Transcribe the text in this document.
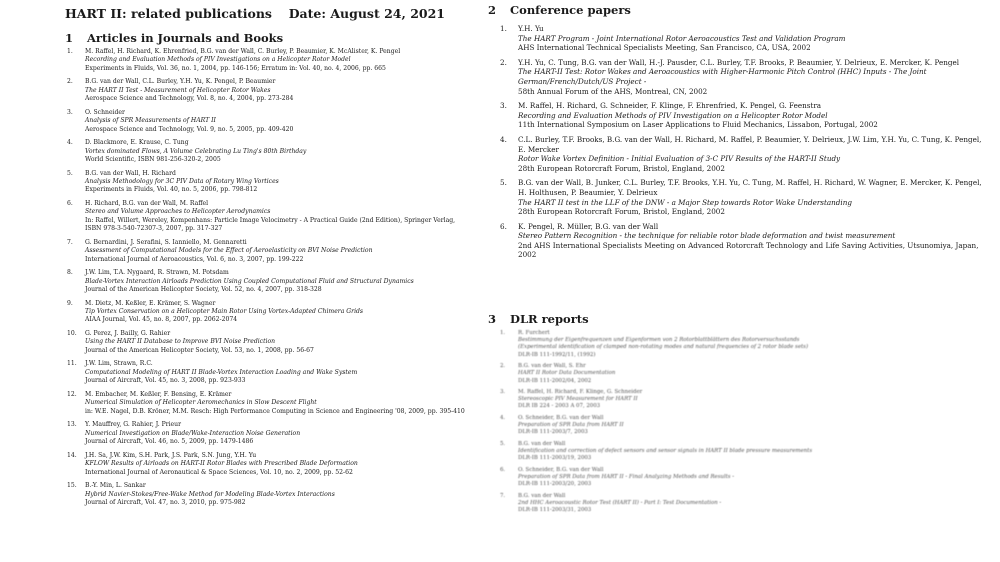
HART II: related publications Date: August 24, 2021
1 Articles in Journals and Books
1. M. Raffel, H. Richard, K. Ehrenfried, B.G. van der Wall, C. Burley, P. Beaumier, K. McAlister, K. Pengel
Recording and Evaluation Methods of PIV Investigations on a Helicopter Rotor Model
Experiments in Fluids, Vol. 36, no. 1, 2004, pp. 146-156; Erratum in: Vol. 40, no. 4, 2006, pp. 665
2. B.G. van der Wall, C.L. Burley, Y.H. Yu, K. Pengel, P. Beaumier
The HART II Test - Measurement of Helicopter Rotor Wakes
Aerospace Science and Technology, Vol. 8, no. 4, 2004, pp. 273-284
3. O. Schneider
Analysis of SPR Measurements of HART II
Aerospace Science and Technology, Vol. 9, no. 5, 2005, pp. 409-420
4. D. Blackmore, E. Krause, C. Tung
Vortex dominated Flows, A Volume Celebrating Lu Ting's 80th Birthday
World Scientific, ISBN 981-256-320-2, 2005
5. B.G. van der Wall, H. Richard
Analysis Methodology for 3C PIV Data of Rotary Wing Vortices
Experiments in Fluids, Vol. 40, no. 5, 2006, pp. 798-812
6. H. Richard, B.G. van der Wall, M. Raffel
Stereo and Volume Approaches to Helicopter Aerodynamics
In: Raffel, Willert, Wereley, Kompenhans: Particle Image Velocimetry - A Practical Guide (2nd Edition), Springer Verlag, ISBN 978-3-540-72307-3, 2007, pp. 317-327
7. G. Bernardini, J. Serafini, S. Ianniello, M. Gennaretti
Assessment of Computational Models for the Effect of Aeroelasticity on BVI Noise Prediction
International Journal of Aeroacoustics, Vol. 6, no. 3, 2007, pp. 199-222
8. J.W. Lim, T.A. Nygaard, R. Strawn, M. Potsdam
Blade-Vortex Interaction Airloads Prediction Using Coupled Computational Fluid and Structural Dynamics
Journal of the American Helicopter Society, Vol. 52, no. 4, 2007, pp. 318-328
9. M. Dietz, M. Keßler, E. Krämer, S. Wagner
Tip Vortex Conservation on a Helicopter Main Rotor Using Vortex-Adapted Chimera Grids
AIAA Journal, Vol. 45, no. 8, 2007, pp. 2062-2074
10. G. Perez, J. Bailly, G. Rahier
Using the HART II Database to Improve BVI Noise Prediction
Journal of the American Helicopter Society, Vol. 53, no. 1, 2008, pp. 56-67
11. J.W. Lim, Strawn, R.C.
Computational Modeling of HART II Blade-Vortex Interaction Loading and Wake System
Journal of Aircraft, Vol. 45, no. 3, 2008, pp. 923-933
12. M. Embacher, M. Keßler, F. Bensing, E. Krämer
Numerical Simulation of Helicopter Aeromechanics in Slow Descent Flight
in: W.E. Nagel, D.B. Kröner, M.M. Resch: High Performance Computing in Science and Engineering '08, 2009, pp. 395-410
13. Y. Mauffrey, G. Rahier, J. Prieur
Numerical Investigation on Blade/Wake-Interaction Noise Generation
Journal of Aircraft, Vol. 46, no. 5, 2009, pp. 1479-1486
14. J.H. Sa, J.W. Kim, S.H. Park, J.S. Park, S.N. Jung, Y.H. Yu
KFLOW Results of Airloads on HART-II Rotor Blades with Prescribed Blade Deformation
International Journal of Aeronautical & Space Sciences, Vol. 10, no. 2, 2009, pp. 52-62
15. B.-Y. Min, L. Sankar
Hybrid Navier-Stokes/Free-Wake Method for Modeling Blade-Vortex Interactions
Journal of Aircraft, Vol. 47, no. 3, 2010, pp. 975-982
2 Conference papers
1. Y.H. Yu
The HART Program - Joint International Rotor Aeroacoustics Test and Validation Program
AHS International Technical Specialists Meeting, San Francisco, CA, USA, 2002
2. Y.H. Yu, C. Tung, B.G. van der Wall, H.-J. Pausder, C.L. Burley, T.F. Brooks, P. Beaumier, Y. Delrieux, E. Mercker, K. Pengel
The HART-II Test: Rotor Wakes and Aeroacoustics with Higher-Harmonic Pitch Control (HHC) Inputs - The Joint German/French/Dutch/US Project -
58th Annual Forum of the AHS, Montreal, CN, 2002
3. M. Raffel, H. Richard, G. Schneider, F. Klinge, F. Ehrenfried, K. Pengel, G. Feenstra
Recording and Evaluation Methods of PIV Investigation on a Helicopter Rotor Model
11th International Symposium on Laser Applications to Fluid Mechanics, Lissabon, Portugal, 2002
4. C.L. Burley, T.F. Brooks, B.G. van der Wall, H. Richard, M. Raffel, P. Beaumier, Y. Delrieux, J.W. Lim, Y.H. Yu, C. Tung, K. Pengel, E. Mercker
Rotor Wake Vortex Definition - Initial Evaluation of 3-C PIV Results of the HART-II Study
28th European Rotorcraft Forum, Bristol, England, 2002
5. B.G. van der Wall, B. Junker, C.L. Burley, T.F. Brooks, Y.H. Yu, C. Tung, M. Raffel, H. Richard, W. Wagner, E. Mercker, K. Pengel, H. Holthusen, P. Beaumier, Y. Delrieux
The HART II test in the LLF of the DNW - a Major Step towards Rotor Wake Understanding
28th European Rotorcraft Forum, Bristol, England, 2002
6. K. Pengel, R. Müller, B.G. van der Wall
Stereo Pattern Recognition - the technique for reliable rotor blade deformation and twist measurement
2nd AHS International Specialists Meeting on Advanced Rotorcraft Technology and Life Saving Activities, Utsunomiya, Japan, 2002
3 DLR reports
1. R. Furchert
Bestimmung der Eigenfrequenzen und Eigenformen von 2 Rotorblattblättern des Rotorversuchsstands (Experimental identification of clamped non-rotating modes and natural frequencies of 2 rotor blade sets)
DLR-IB 111-1992/11, (1992)
2. B.G. van der Wall, S. Ehr
HART II Rotor Data Documentation
DLR-IB 111-2002/04, 2002
3. M. Raffel, H. Richard, F. Klinge, G. Schneider
Stereoscopic PIV Measurement for HART II
DLR IB 224 - 2003 A 07, 2003
4. O. Schneider, B.G. van der Wall
Preparation of SPR Data from HART II
DLR-IB 111-2003/7, 2003
5. B.G. van der Wall
Identification and correction of defect sensors and sensor signals in HART II blade pressure measurements
DLR-IB 111-2003/19, 2003
6. O. Schneider, B.G. van der Wall
Preparation of SPR Data from HART II - Final Analyzing Methods and Results -
DLR-IB 111-2003/20, 2003
7. B.G. van der Wall
2nd HHC Aeroacoustic Rotor Test (HART II) - Part I: Test Documentation -
DLR-IB 111-2003/31, 2003
